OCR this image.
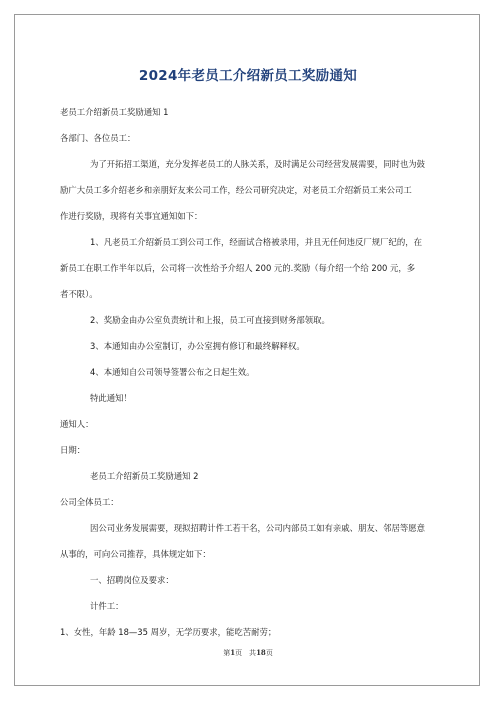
2024年老员工介绍新员工奖励通知
老员工介绍新员工奖励通知 1
各部门、各位员工：
为了开拓招工渠道，充分发挥老员工的人脉关系，及时满足公司经营发展需要，同时也为鼓
励广大员工多介绍老乡和亲朋好友来公司工作，经公司研究决定，对老员工介绍新员工来公司工
作进行奖励，现将有关事宜通知如下：
1、凡老员工介绍新员工到公司工作，经面试合格被录用，并且无任何违反厂规厂纪的，在
新员工在职工作半年以后，公司将一次性给予介绍人 200 元的.奖励（每介绍一个给 200 元，多
者不限）。
2、奖励金由办公室负责统计和上报，员工可直接到财务部领取。
3、本通知由办公室制订，办公室拥有修订和最终解释权。
4、本通知自公司领导签署公布之日起生效。
特此通知！
通知人：
日期：
老员工介绍新员工奖励通知 2
公司全体员工：
因公司业务发展需要，现拟招聘计件工若干名，公司内部员工如有亲戚、朋友、邻居等愿意
从事的，可向公司推荐，具体规定如下：
一、招聘岗位及要求：
计件工：
1、女性，年龄 18—35 周岁，无学历要求，能吃苦耐劳；
第1页　共18页
